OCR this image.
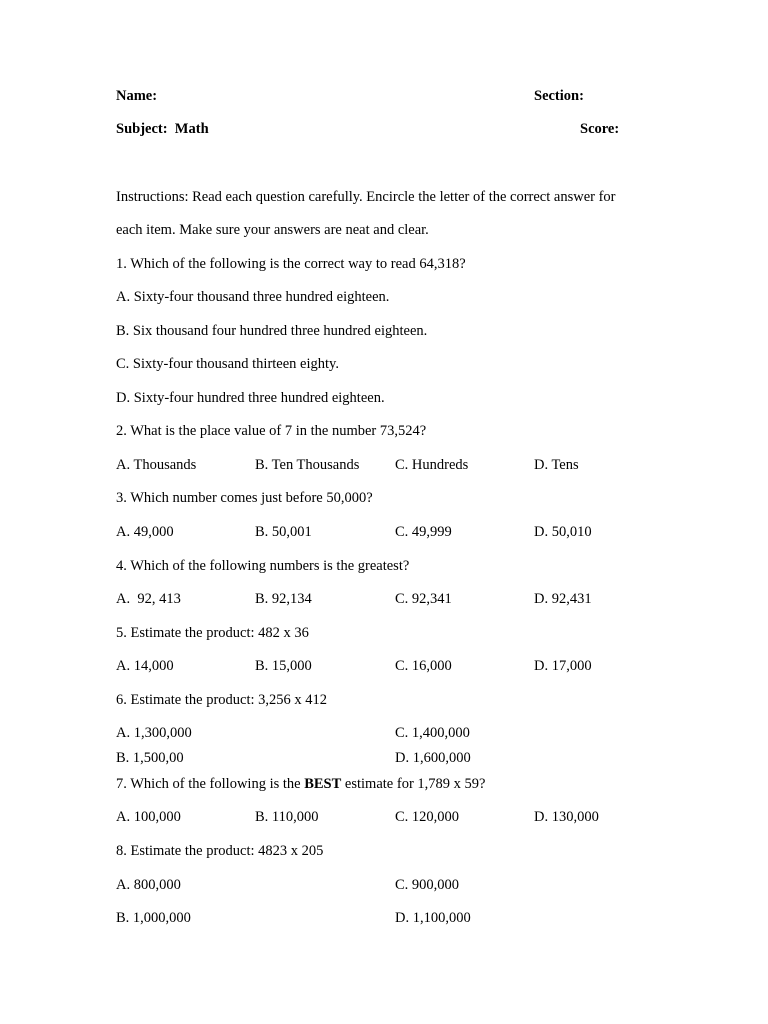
Name:	Section:
Subject:  Math	Score:
Instructions: Read each question carefully. Encircle the letter of the correct answer for
each item. Make sure your answers are neat and clear.
1. Which of the following is the correct way to read 64,318?
A. Sixty-four thousand three hundred eighteen.
B. Six thousand four hundred three hundred eighteen.
C. Sixty-four thousand thirteen eighty.
D. Sixty-four hundred three hundred eighteen.
2. What is the place value of 7 in the number 73,524?
A. Thousands	B. Ten Thousands C. Hundreds	D. Tens
3. Which number comes just before 50,000?
A. 49,000	B. 50,001	C. 49,999	D. 50,010
4. Which of the following numbers is the greatest?
A.  92, 413	B. 92,134	C. 92,341	D. 92,431
5. Estimate the product: 482 x 36
A. 14,000	B. 15,000	C. 16,000	D. 17,000
6. Estimate the product: 3,256 x 412
A. 1,300,000	C. 1,400,000
B. 1,500,00	D. 1,600,000
7. Which of the following is the BEST estimate for 1,789 x 59?
A. 100,000	B. 110,000	C. 120,000	D. 130,000
8. Estimate the product: 4823 x 205
A. 800,000	C. 900,000
B. 1,000,000	D. 1,100,000
